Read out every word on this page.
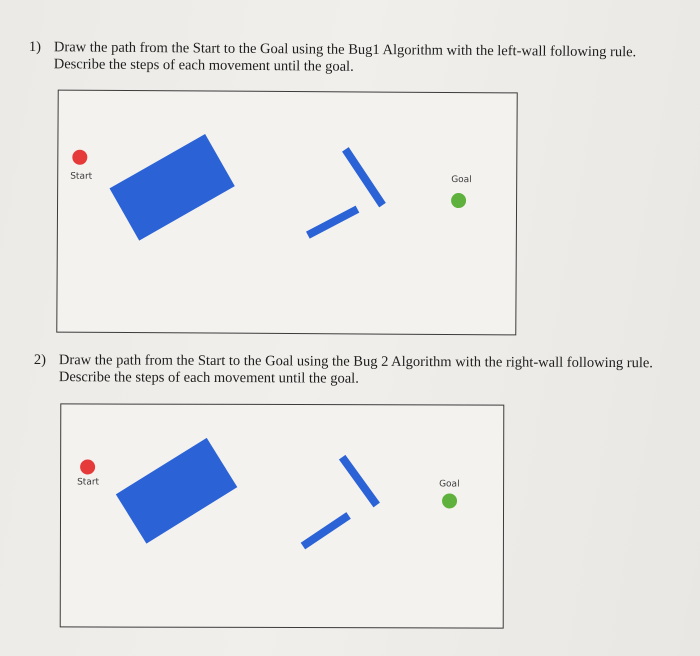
1) Draw the path from the Start to the Goal using the Bug1 Algorithm with the left-wall following rule.
Describe the steps of each movement until the goal.
Start	Goal
2) Draw the path from the Start to the Goal using the Bug 2 Algorithm with the right-wall following rule.
Describe the steps of each movement until the goal.
Start	Goal
